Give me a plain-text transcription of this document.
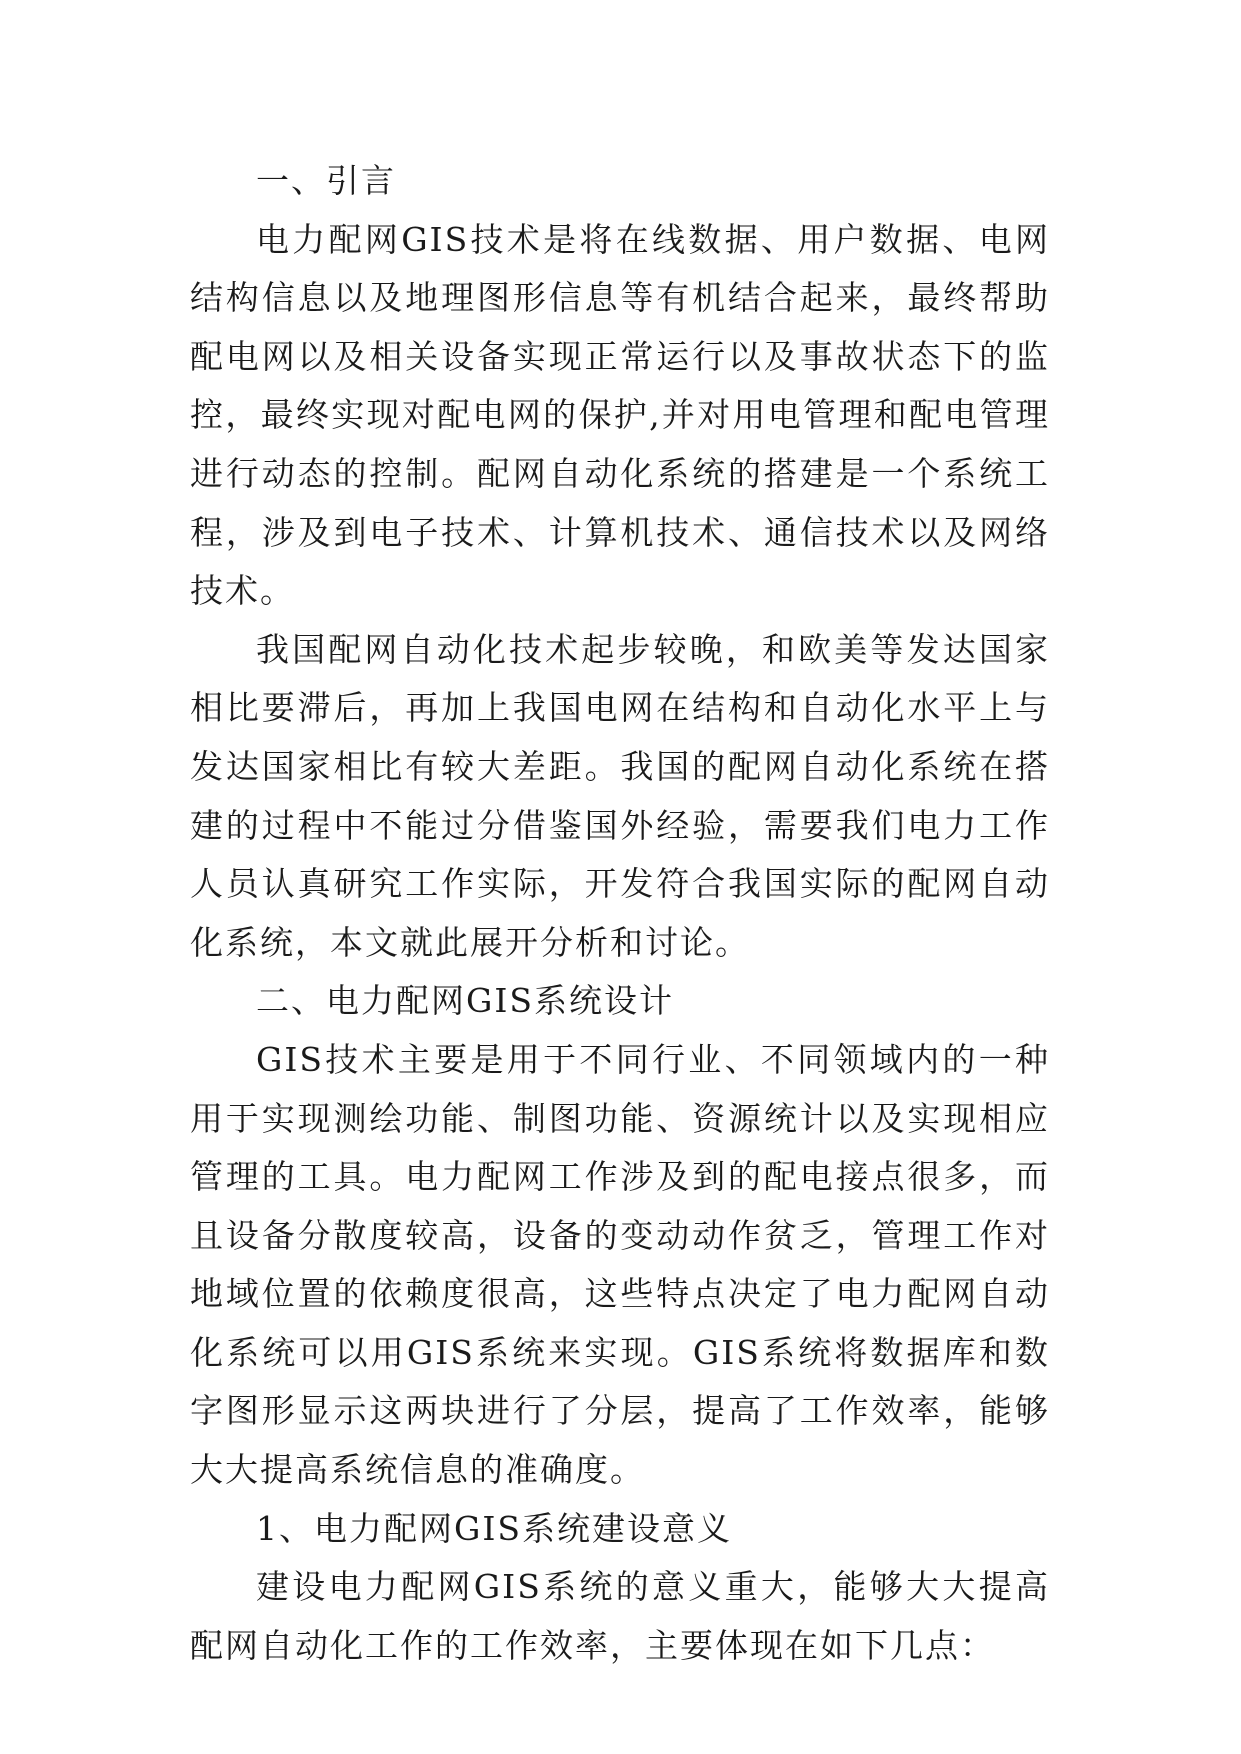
一、引言

电力配网GIS技术是将在线数据、用户数据、电网结构信息以及地理图形信息等有机结合起来，最终帮助配电网以及相关设备实现正常运行以及事故状态下的监控，最终实现对配电网的保护,并对用电管理和配电管理进行动态的控制。配网自动化系统的搭建是一个系统工程，涉及到电子技术、计算机技术、通信技术以及网络技术。

我国配网自动化技术起步较晚，和欧美等发达国家相比要滞后，再加上我国电网在结构和自动化水平上与发达国家相比有较大差距。我国的配网自动化系统在搭建的过程中不能过分借鉴国外经验，需要我们电力工作人员认真研究工作实际，开发符合我国实际的配网自动化系统，本文就此展开分析和讨论。

二、电力配网GIS系统设计

GIS技术主要是用于不同行业、不同领域内的一种用于实现测绘功能、制图功能、资源统计以及实现相应管理的工具。电力配网工作涉及到的配电接点很多，而且设备分散度较高，设备的变动动作贫乏，管理工作对地域位置的依赖度很高，这些特点决定了电力配网自动化系统可以用GIS系统来实现。GIS系统将数据库和数字图形显示这两块进行了分层，提高了工作效率，能够大大提高系统信息的准确度。

1、电力配网GIS系统建设意义

建设电力配网GIS系统的意义重大，能够大大提高配网自动化工作的工作效率，主要体现在如下几点：
